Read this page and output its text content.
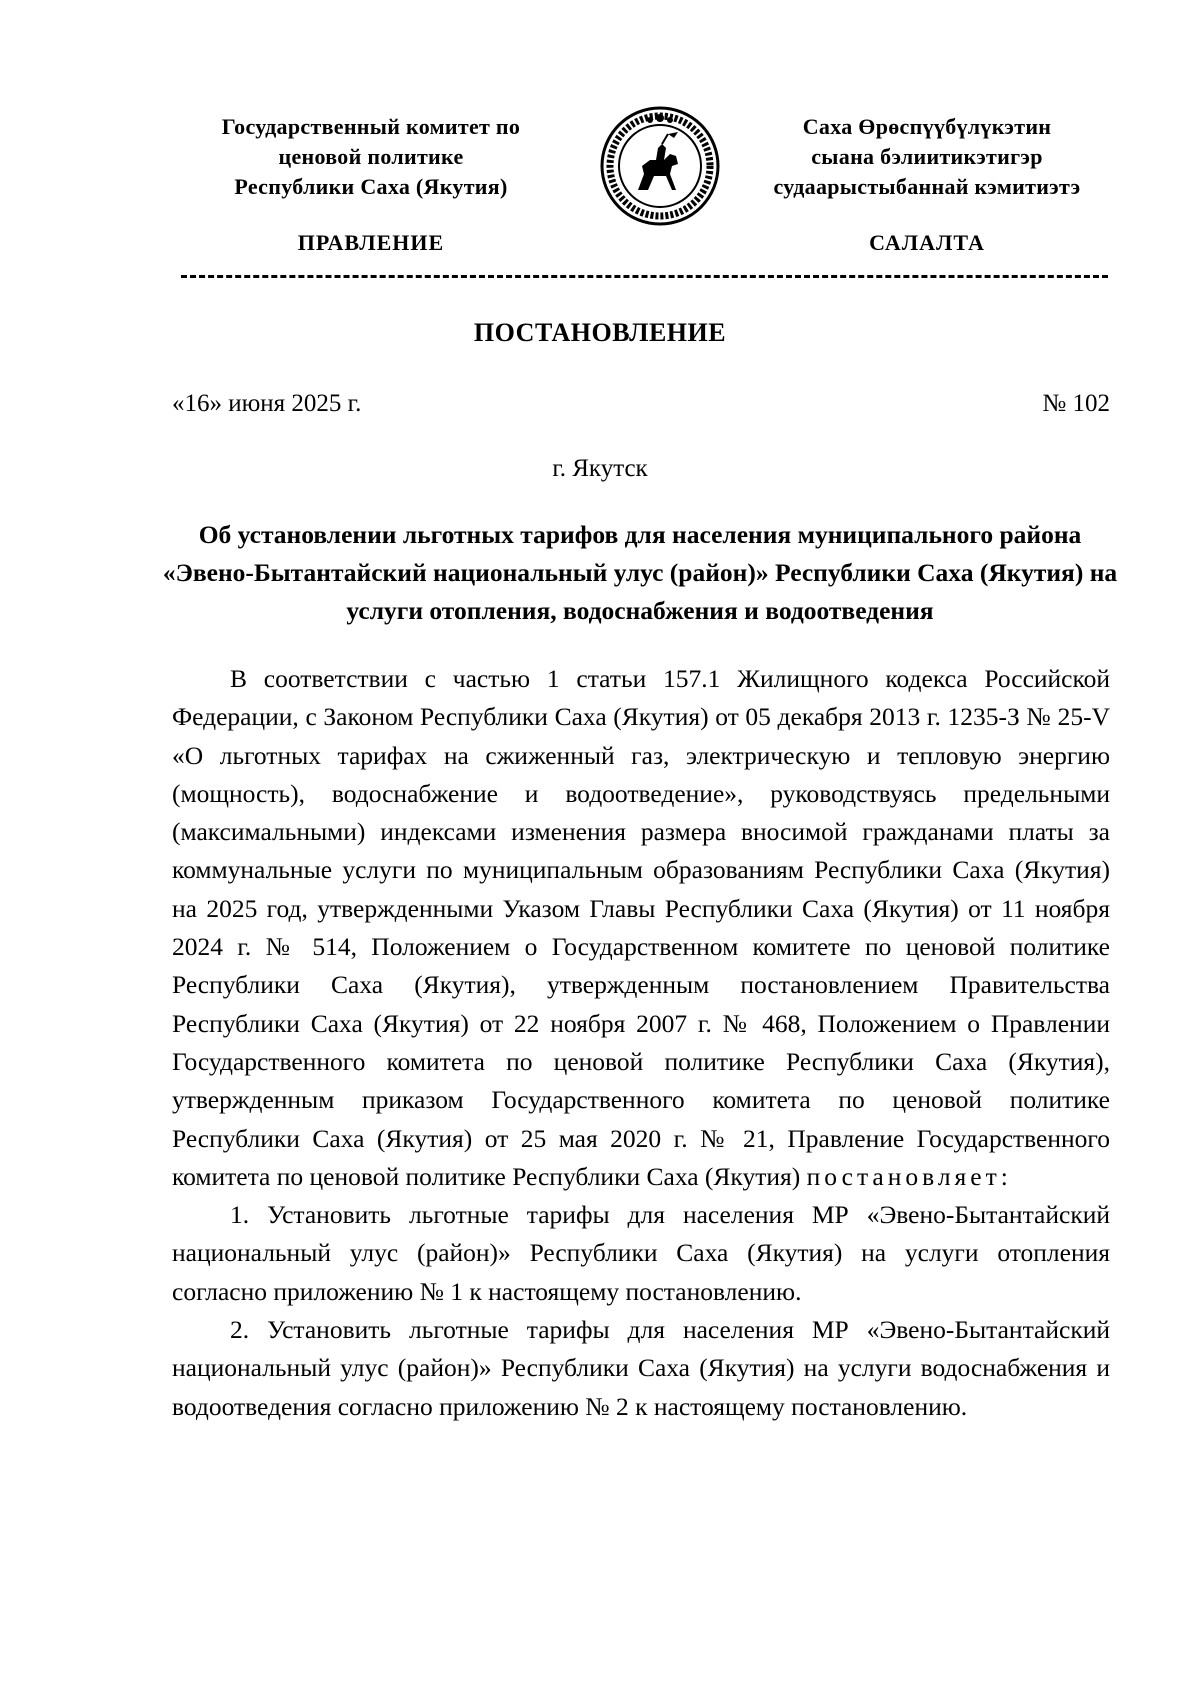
Государственный комитет по
ценовой политике
Республики Саха (Якутия)
Саха Өрөспүүбүлүкэтин
сыана бэлиитикэтигэр
судаарыстыбаннай кэмитиэтэ
ПРАВЛЕНИЕ	САЛАЛТА
ПОСТАНОВЛЕНИЕ
«16» июня 2025 г.	№ 102
г. Якутск
Об установлении льготных тарифов для населения муниципального района «Эвено-Бытантайский национальный улус (район)» Республики Саха (Якутия) на услуги отопления, водоснабжения и водоотведения

В соответствии с частью 1 статьи 157.1 Жилищного кодекса Российской Федерации, с Законом Республики Саха (Якутия) от 05 декабря 2013 г. 1235-З № 25-V «О льготных тарифах на сжиженный газ, электрическую и тепловую энергию (мощность), водоснабжение и водоотведение», руководствуясь предельными (максимальными) индексами изменения размера вносимой гражданами платы за коммунальные услуги по муниципальным образованиям Республики Саха (Якутия) на 2025 год, утвержденными Указом Главы Республики Саха (Якутия) от 11 ноября 2024 г. № 514, Положением о Государственном комитете по ценовой политике Республики Саха (Якутия), утвержденным постановлением Правительства Республики Саха (Якутия) от 22 ноября 2007 г. № 468, Положением о Правлении Государственного комитета по ценовой политике Республики Саха (Якутия), утвержденным приказом Государственного комитета по ценовой политике Республики Саха (Якутия) от 25 мая 2020 г. № 21, Правление Государственного комитета по ценовой политике Республики Саха (Якутия) постановляет:

1. Установить льготные тарифы для населения МР «Эвено-Бытантайский национальный улус (район)» Республики Саха (Якутия) на услуги отопления согласно приложению № 1 к настоящему постановлению.

2. Установить льготные тарифы для населения МР «Эвено-Бытантайский национальный улус (район)» Республики Саха (Якутия) на услуги водоснабжения и водоотведения согласно приложению № 2 к настоящему постановлению.
